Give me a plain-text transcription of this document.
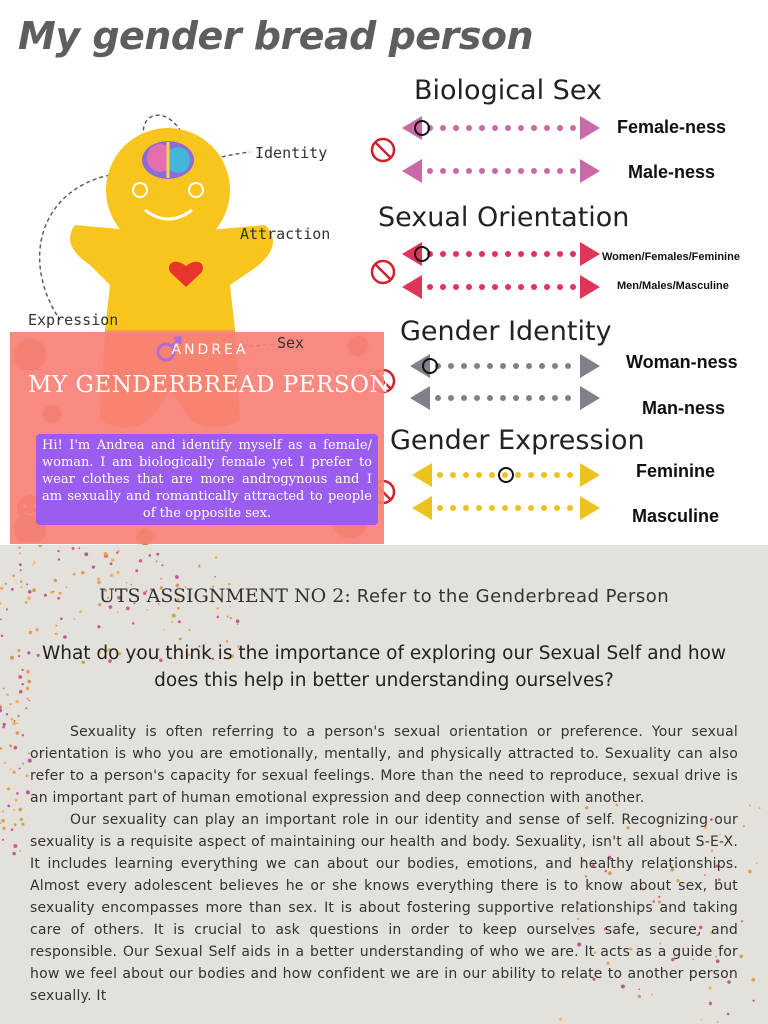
My gender bread person
Identity
Attraction
Expression
ANDREA
MY GENDERBREAD PERSON
Hi! I'm Andrea and identify myself as a female/ woman. I am biologically female yet I prefer to wear clothes that are more androgynous and I am sexually and romantically attracted to people of the opposite sex.
Sex
Biological Sex
Female-ness
Male-ness
Sexual Orientation
Women/Females/Feminine
Men/Males/Masculine
Gender Identity
Woman-ness
Man-ness
Gender Expression
Feminine
Masculine
UTS ASSIGNMENT NO 2: Refer to the Genderbread Person
What do you think is the importance of exploring our Sexual Self and how does this help in better understanding ourselves?

Sexuality is often referring to a person's sexual orientation or preference. Your sexual orientation is who you are emotionally, mentally, and physically attracted to. Sexuality can also refer to a person's capacity for sexual feelings. More than the need to reproduce, sexual drive is an important part of human emotional expression and deep connection with another.

Our sexuality can play an important role in our identity and sense of self. Recognizing our sexuality is a requisite aspect of maintaining our health and body. Sexuality, isn't all about S-E-X. It includes learning everything we can about our bodies, emotions, and healthy relationships. Almost every adolescent believes he or she knows everything there is to know about sex, but sexuality encompasses more than sex. It is about fostering supportive relationships and taking care of others. It is crucial to ask questions in order to keep ourselves safe, secure, and responsible. Our Sexual Self aids in a better understanding of who we are. It acts as a guide for how we feel about our bodies and how confident we are in our ability to relate to another person sexually. It
